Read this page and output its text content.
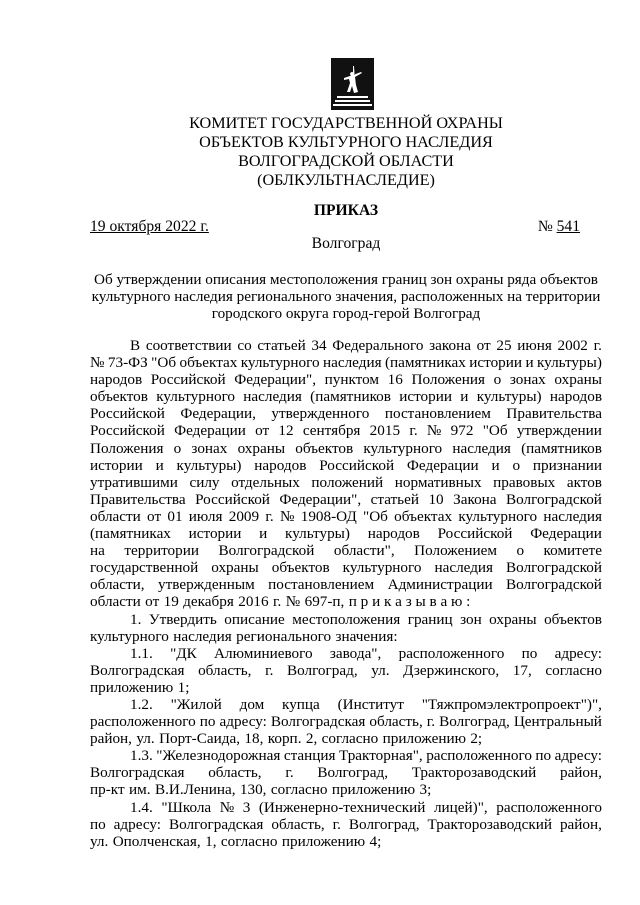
КОМИТЕТ ГОСУДАРСТВЕННОЙ ОХРАНЫ
ОБЪЕКТОВ КУЛЬТУРНОГО НАСЛЕДИЯ
ВОЛГОГРАДСКОЙ ОБЛАСТИ
(ОБЛКУЛЬТНАСЛЕДИЕ)
ПРИКАЗ
19 октября 2022 г.	№ 541
Волгоград
Об утверждении описания местоположения границ зон охраны ряда объектов
культурного наследия регионального значения, расположенных на территории
городского округа город-герой Волгоград
В соответствии со статьей 34 Федерального закона от 25 июня 2002 г.
№ 73-ФЗ "Об объектах культурного наследия (памятниках истории и культуры)
народов Российской Федерации", пунктом 16 Положения о зонах охраны
объектов культурного наследия (памятников истории и культуры) народов
Российской Федерации, утвержденного постановлением Правительства
Российской Федерации от 12 сентября 2015 г. № 972 "Об утверждении
Положения о зонах охраны объектов культурного наследия (памятников
истории и культуры) народов Российской Федерации и о признании
утратившими силу отдельных положений нормативных правовых актов
Правительства Российской Федерации", статьей 10 Закона Волгоградской
области от 01 июля 2009 г. № 1908-ОД "Об объектах культурного наследия
(памятниках истории и культуры) народов Российской Федерации
на территории Волгоградской области", Положением о комитете
государственной охраны объектов культурного наследия Волгоградской
области, утвержденным постановлением Администрации Волгоградской
области от 19 декабря 2016 г. № 697-п, п р и к а з ы в а ю :
1. Утвердить описание местоположения границ зон охраны объектов
культурного наследия регионального значения:
1.1. "ДК Алюминиевого завода", расположенного по адресу:
Волгоградская область, г. Волгоград, ул. Дзержинского, 17, согласно
приложению 1;
1.2. "Жилой дом купца (Институт "Тяжпромэлектропроект")",
расположенного по адресу: Волгоградская область, г. Волгоград, Центральный
район, ул. Порт-Саида, 18, корп. 2, согласно приложению 2;
1.3. "Железнодорожная станция Тракторная", расположенного по адресу:
Волгоградская область, г. Волгоград, Тракторозаводский район,
пр-кт им. В.И.Ленина, 130, согласно приложению 3;
1.4. "Школа № 3 (Инженерно-технический лицей)", расположенного
по адресу: Волгоградская область, г. Волгоград, Тракторозаводский район,
ул. Ополченская, 1, согласно приложению 4;
